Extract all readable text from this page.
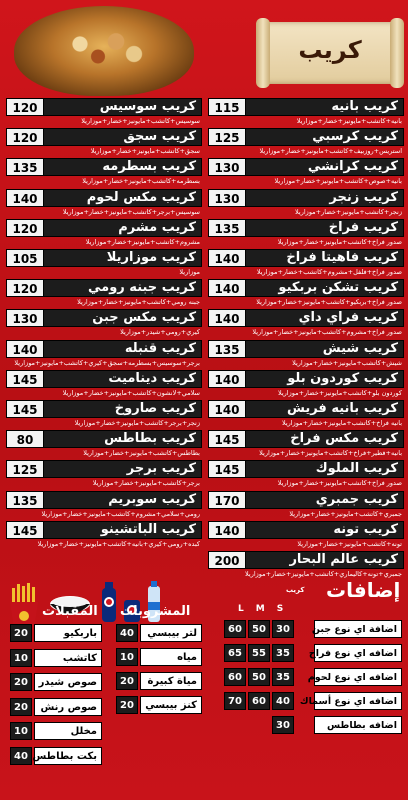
كريب
115	كريب بانيه
بانيه+كاتشب+مايونيز+خضار+موزاريلا
125	كريب كرسبي
استريس+روزبيف+كاتشب+مايونيز+خضار+موزاريلا
130	كريب كرانشي
بانيه+صوص+كاتشب+مايونيز+خضار+موزاريلا
130	كريب زنجر
زنجر+كاتشب+مايونيز+خضار+موزاريلا
135	كريب فراخ
صدور فراخ+كاتشب+مايونيز+خضار+موزاريلا
140	كريب فاهيتا فراخ
صدور فراخ+فلفل+مشروم+كاتشب+خضار+موزاريلا
140	كريب تشكن بربكيو
صدور فراخ+بربكيو+كاتشب+مايونيز+خضار+موزاريلا
140	كريب فراي داي
صدور فراخ+مشروم+كاتشب+مايونيز+خضار+موزاريلا
135	كريب شيش
شيش+كاتشب+مايونيز+خضار+موزاريلا
140	كريب كوردون بلو
كوردون بلو+كاتشب+مايونيز+خضار+موزاريلا
140	كريب بانيه فريش
بانيه فراخ+كاتشب+مايونيز+خضار+موزاريلا
145	كريب مكس فراخ
بانيه+فطير+فراخ+كاتشب+مايونيز+خضار+موزاريلا
145	كريب الملوك
صدور فراخ+كاتشب+مايونيز+خضار+موزاريلا
170	كريب جمبري
جمبري+كاتشب+مايونيز+خضار+موزاريلا
140	كريب تونه
تونه+كاتشب+مايونيز+خضار+موزاريلا
200	كريب عالم البحار
جمبري+تونه+كاليماري+كاتشب+مايونيز+خضار+موزاريلا
120	كريب سوسيس
سوسيس+كاتشب+مايونيز+خضار+موزاريلا
120	كريب سجق
سجق+كاتشب+مايونيز+خضار+موزاريلا
135	كريب بسطرمه
بسطرمه+كاتشب+مايونيز+خضار+موزاريلا
140	كريب مكس لحوم
سوسيس+برجر+كاتشب+مايونيز+خضار+موزاريلا
120	كريب مشرم
مشروم+كاتشب+مايونيز+خضار+موزاريلا
105	كريب موزاريلا
موزاريلا
120	كريب جبنه رومي
جبنه رومي+كاتشب+مايونيز+خضار+موزاريلا
130	كريب مكس جبن
كيري+رومي+شيدر+موزاريلا
140	كريب قنبله
برجر+سوسيس+بسطرمه+سجق+كيري+كاتشب+مايونيز+موزاريلا
145	كريب ديناميت
سلامي+لانشون+كاتشب+مايونيز+خضار+موزاريلا
145	كريب صاروخ
زنجر+برجر+كاتشب+مايونيز+خضار+موزاريلا
80	كريب بطاطس
بطاطس+كاتشب+مايونيز+خضار+موزاريلا
125	كريب برجر
برجر+كاتشب+مايونيز+خضار+موزاريلا
135	كريب سوبريم
رومي+سلامي+مشروم+كاتشب+مايونيز+خضار+موزاريلا
145	كريب الباتشينو
كبده+رومي+كيري+بانيه+كاتشب+مايونيز+خضار+موزاريلا
إضافات
كريب
LMS
60	50	30	اضافة اي نوع جبن
65	55	35	اضافه اي نوع فراخ
60	50	35	اضافه اي نوع لحوم
70	60	40	اضافه اي نوع أسماك
30	اضافه بطاطس
المشروبات
40	لتر بيبسي
10	مياه
20	مياة كبيرة
20	كنز بيبسي
المقبلات
20	باربكيو
10	كاتشب
20	صوص شيدر
20	صوص رنش
10	مخلل
40 بكت بطاطس
